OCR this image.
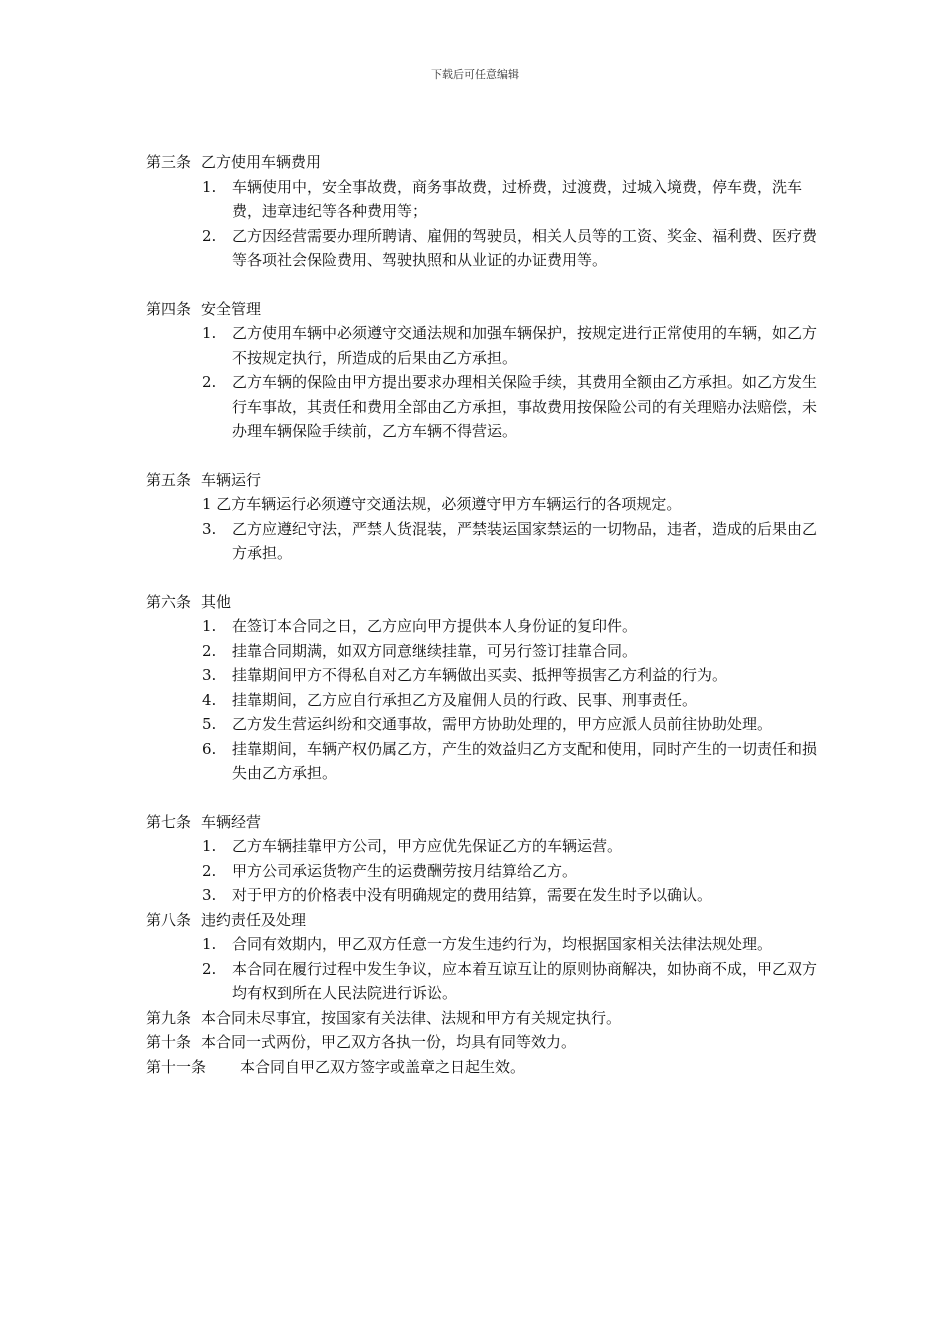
下载后可任意编辑
第三条 乙方使用车辆费用
1. 车辆使用中，安全事故费，商务事故费，过桥费，过渡费，过城入境费，停车费，洗车费，违章违纪等各种费用等；
2. 乙方因经营需要办理所聘请、雇佣的驾驶员，相关人员等的工资、奖金、福利费、医疗费等各项社会保险费用、驾驶执照和从业证的办证费用等。
第四条 安全管理
1. 乙方使用车辆中必须遵守交通法规和加强车辆保护，按规定进行正常使用的车辆，如乙方不按规定执行，所造成的后果由乙方承担。
2. 乙方车辆的保险由甲方提出要求办理相关保险手续，其费用全额由乙方承担。如乙方发生行车事故，其责任和费用全部由乙方承担，事故费用按保险公司的有关理赔办法赔偿，未办理车辆保险手续前，乙方车辆不得营运。
第五条 车辆运行
1 乙方车辆运行必须遵守交通法规，必须遵守甲方车辆运行的各项规定。
3. 乙方应遵纪守法，严禁人货混装，严禁装运国家禁运的一切物品，违者，造成的后果由乙方承担。
第六条 其他
1. 在签订本合同之日，乙方应向甲方提供本人身份证的复印件。
2. 挂靠合同期满，如双方同意继续挂靠，可另行签订挂靠合同。
3. 挂靠期间甲方不得私自对乙方车辆做出买卖、抵押等损害乙方利益的行为。
4. 挂靠期间，乙方应自行承担乙方及雇佣人员的行政、民事、刑事责任。
5. 乙方发生营运纠纷和交通事故，需甲方协助处理的，甲方应派人员前往协助处理。
6. 挂靠期间，车辆产权仍属乙方，产生的效益归乙方支配和使用，同时产生的一切责任和损失由乙方承担。
第七条 车辆经营
1. 乙方车辆挂靠甲方公司，甲方应优先保证乙方的车辆运营。
2. 甲方公司承运货物产生的运费酬劳按月结算给乙方。
3. 对于甲方的价格表中没有明确规定的费用结算，需要在发生时予以确认。
第八条 违约责任及处理
1. 合同有效期内，甲乙双方任意一方发生违约行为，均根据国家相关法律法规处理。
2. 本合同在履行过程中发生争议，应本着互谅互让的原则协商解决，如协商不成，甲乙双方均有权到所在人民法院进行诉讼。
第九条 本合同未尽事宜，按国家有关法律、法规和甲方有关规定执行。
第十条 本合同一式两份，甲乙双方各执一份，均具有同等效力。
第十一条 本合同自甲乙双方签字或盖章之日起生效。
